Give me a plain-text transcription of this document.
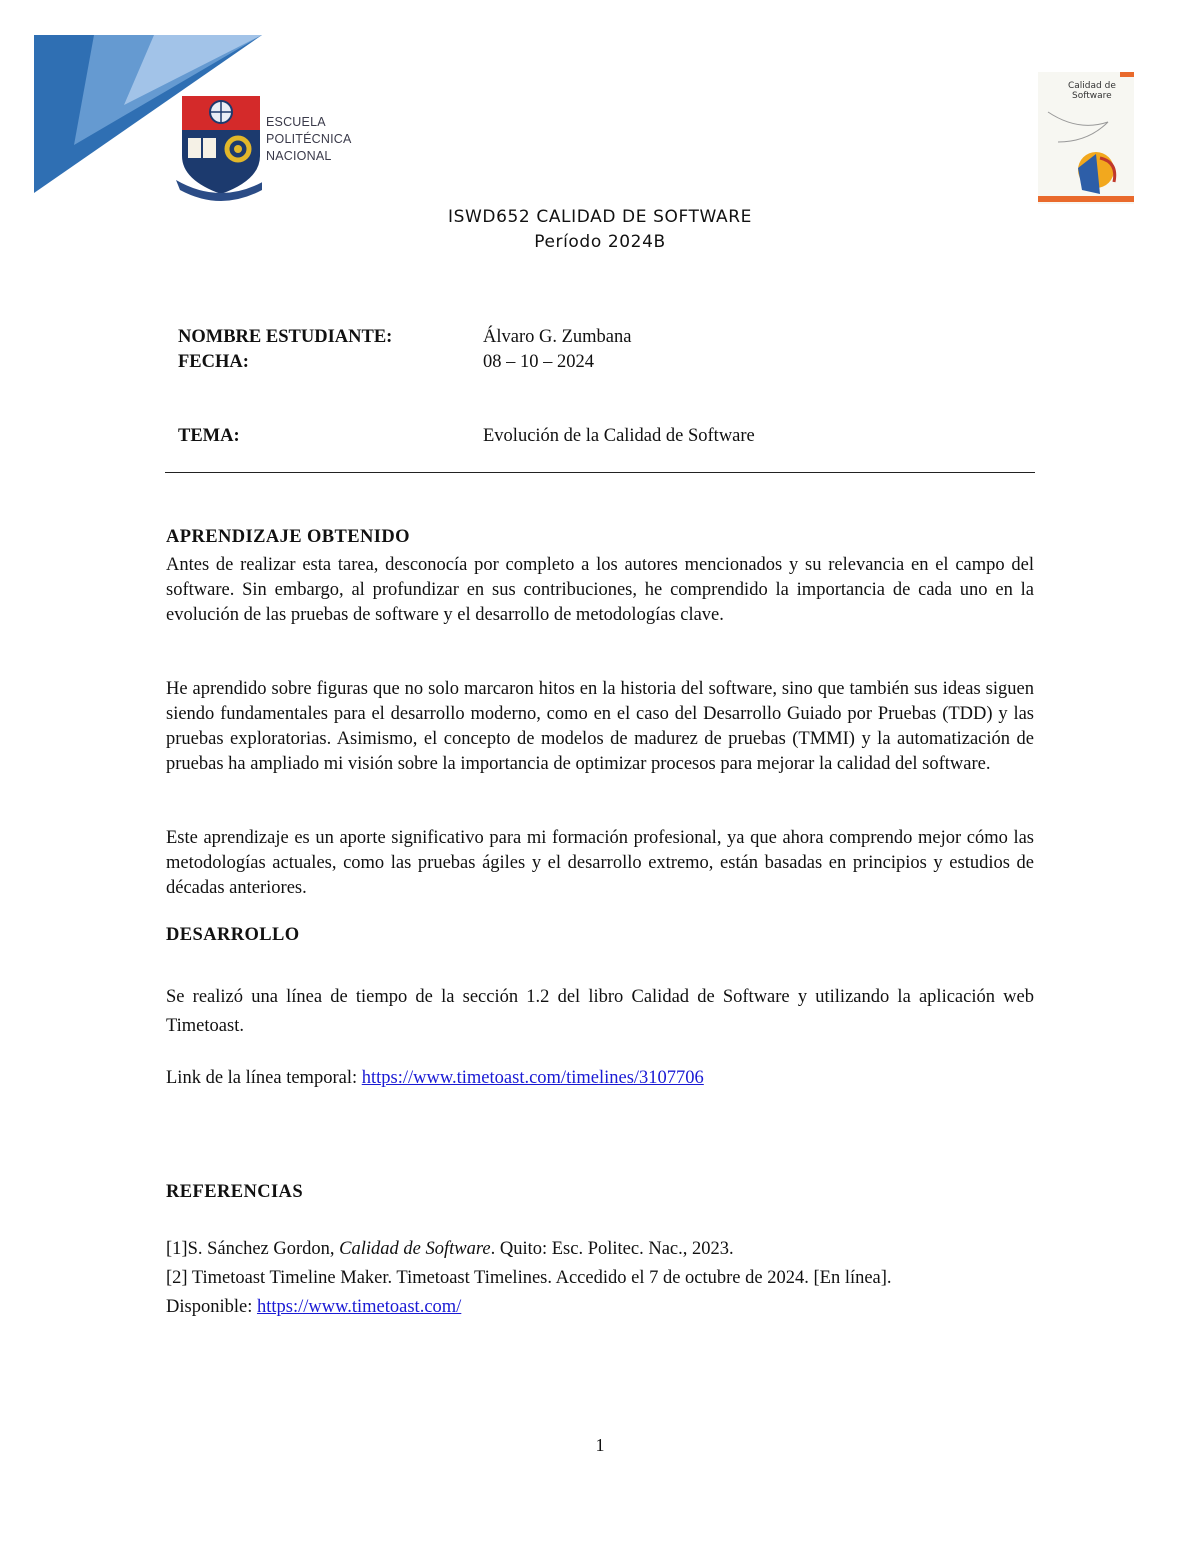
ESCUELA
POLITÉCNICA
NACIONAL
Calidad de
Software
ISWD652 CALIDAD DE SOFTWARE
Período 2024B
NOMBRE ESTUDIANTE:	Álvaro G. Zumbana
FECHA:	08 – 10 – 2024
TEMA:	Evolución de la Calidad de Software
APRENDIZAJE OBTENIDO
Antes de realizar esta tarea, desconocía por completo a los autores mencionados y su relevancia en el campo del software. Sin embargo, al profundizar en sus contribuciones, he comprendido la importancia de cada uno en la evolución de las pruebas de software y el desarrollo de metodologías clave.
He aprendido sobre figuras que no solo marcaron hitos en la historia del software, sino que también sus ideas siguen siendo fundamentales para el desarrollo moderno, como en el caso del Desarrollo Guiado por Pruebas (TDD) y las pruebas exploratorias. Asimismo, el concepto de modelos de madurez de pruebas (TMMI) y la automatización de pruebas ha ampliado mi visión sobre la importancia de optimizar procesos para mejorar la calidad del software.
Este aprendizaje es un aporte significativo para mi formación profesional, ya que ahora comprendo mejor cómo las metodologías actuales, como las pruebas ágiles y el desarrollo extremo, están basadas en principios y estudios de décadas anteriores.
DESARROLLO
Se realizó una línea de tiempo de la sección 1.2 del libro Calidad de Software y utilizando la aplicación web Timetoast.
Link de la línea temporal: https://www.timetoast.com/timelines/3107706
REFERENCIAS
[1]S. Sánchez Gordon, Calidad de Software. Quito: Esc. Politec. Nac., 2023.
[2] Timetoast Timeline Maker. Timetoast Timelines. Accedido el 7 de octubre de 2024. [En línea].
Disponible: https://www.timetoast.com/
1
